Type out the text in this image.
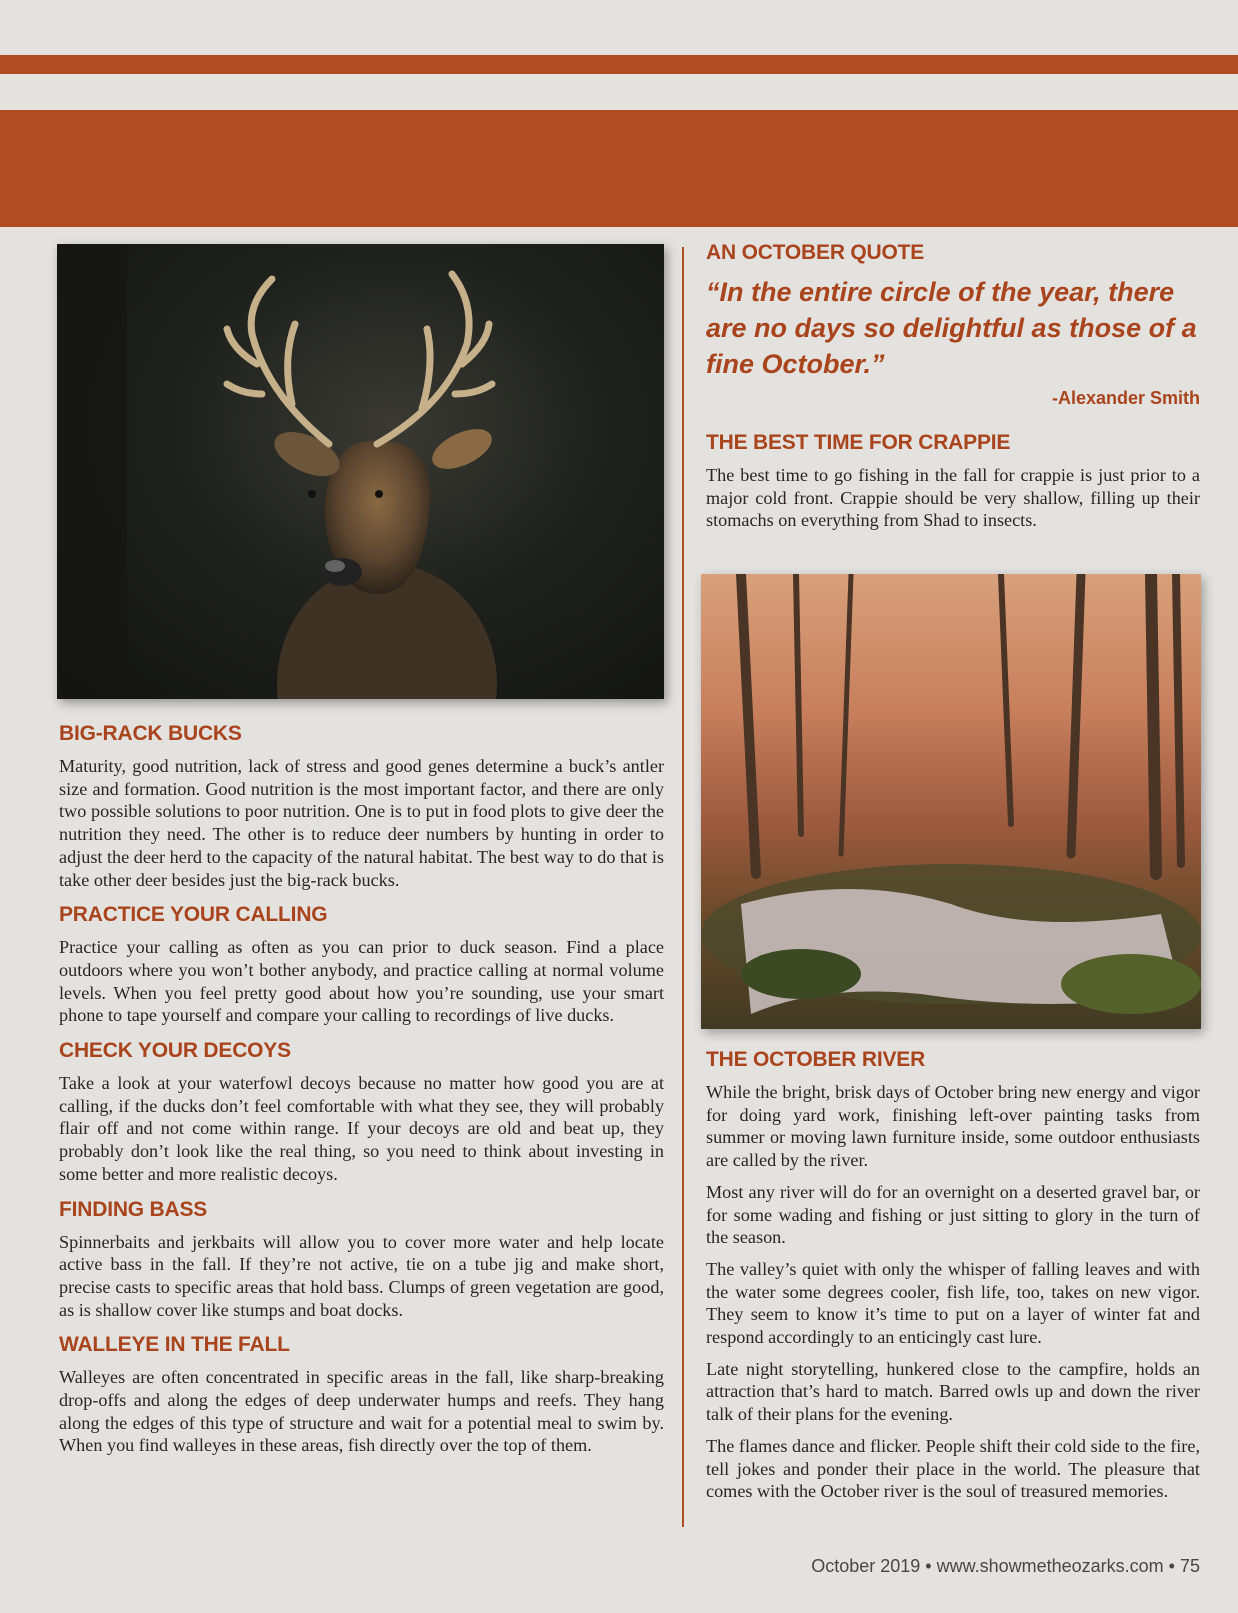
BIG-RACK BUCKS

Maturity, good nutrition, lack of stress and good genes determine a buck’s antler size and formation. Good nutrition is the most important factor, and there are only two possible solutions to poor nutrition. One is to put in food plots to give deer the nutrition they need. The other is to reduce deer numbers by hunting in order to adjust the deer herd to the capacity of the natural habitat. The best way to do that is take other deer besides just the big-rack bucks.

PRACTICE YOUR CALLING

Practice your calling as often as you can prior to duck season. Find a place outdoors where you won’t bother anybody, and practice calling at normal volume levels. When you feel pretty good about how you’re sounding, use your smart phone to tape yourself and compare your calling to recordings of live ducks.

CHECK YOUR DECOYS

Take a look at your waterfowl decoys because no matter how good you are at calling, if the ducks don’t feel comfortable with what they see, they will probably flair off and not come within range. If your decoys are old and beat up, they probably don’t look like the real thing, so you need to think about investing in some better and more realistic decoys.

FINDING BASS

Spinnerbaits and jerkbaits will allow you to cover more water and help locate active bass in the fall. If they’re not active, tie on a tube jig and make short, precise casts to specific areas that hold bass. Clumps of green vegetation are good, as is shallow cover like stumps and boat docks.

WALLEYE IN THE FALL

Walleyes are often concentrated in specific areas in the fall, like sharp-breaking drop-offs and along the edges of deep underwater humps and reefs. They hang along the edges of this type of structure and wait for a potential meal to swim by. When you find walleyes in these areas, fish directly over the top of them.

AN OCTOBER QUOTE

“In the entire circle of the year, there are no days so delightful as those of a fine October.”

-Alexander Smith
THE BEST TIME FOR CRAPPIE

The best time to go fishing in the fall for crappie is just prior to a major cold front. Crappie should be very shallow, filling up their stomachs on everything from Shad to insects.

THE OCTOBER RIVER

While the bright, brisk days of October bring new energy and vigor for doing yard work, finishing left-over painting tasks from summer or moving lawn furniture inside, some outdoor enthusiasts are called by the river.

Most any river will do for an overnight on a deserted gravel bar, or for some wading and fishing or just sitting to glory in the turn of the season.

The valley’s quiet with only the whisper of falling leaves and with the water some degrees cooler, fish life, too, takes on new vigor. They seem to know it’s time to put on a layer of winter fat and respond accordingly to an enticingly cast lure.

Late night storytelling, hunkered close to the campfire, holds an attraction that’s hard to match. Barred owls up and down the river talk of their plans for the evening.

The flames dance and flicker. People shift their cold side to the fire, tell jokes and ponder their place in the world. The pleasure that comes with the October river is the soul of treasured memories.

October 2019 • www.showmetheozarks.com • 75
